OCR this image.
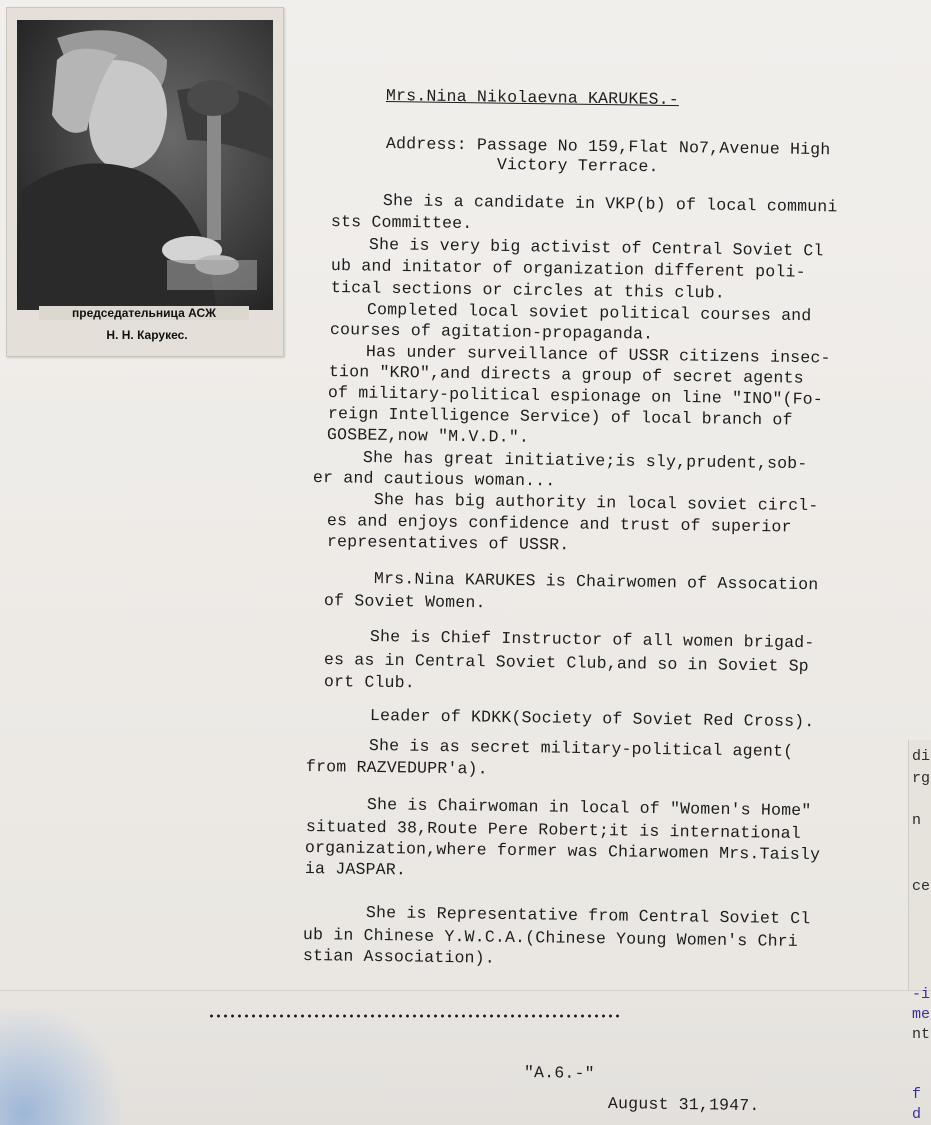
председательница АСЖ
Н. Н. Карукес.
Mrs.Nina Nikolaevna KARUKES.-
Address: Passage No 159,Flat No7,Avenue High
Victory Terrace.
She is a candidate in VKP(b) of local communi
sts Committee.
She is very big activist of Central Soviet Cl
ub and initator of organization different poli-
tical sections or circles at this club.
Completed local soviet political courses and
courses of agitation-propaganda.
Has under surveillance of USSR citizens insec-
tion "KRO",and directs a group of secret agents
of military-political espionage on line "INO"(Fo-
reign Intelligence Service) of local branch of
GOSBEZ,now "M.V.D.".
She has great initiative;is sly,prudent,sob-
er and cautious woman...
She has big authority in local soviet circl-
es and enjoys confidence and trust of superior
representatives of USSR.
Mrs.Nina KARUKES is Chairwomen of Assocation
of Soviet Women.
She is Chief Instructor of all women brigad-
es as in Central Soviet Club,and so in Soviet Sp
ort Club.
Leader of KDKK(Society of Soviet Red Cross).
She is as secret military-political agent(
from RAZVEDUPR'a).
She is Chairwoman in local of "Women's Home"
situated 38,Route Pere Robert;it is international
organization,where former was Chiarwomen Mrs.Taisly
ia JASPAR.
She is Representative from Central Soviet Cl
ub in Chinese Y.W.C.A.(Chinese Young Women's Chri
stian Association).
"A.6.-"
August 31,1947.
di
rg
n
ce
-i
me
nt
f
d
